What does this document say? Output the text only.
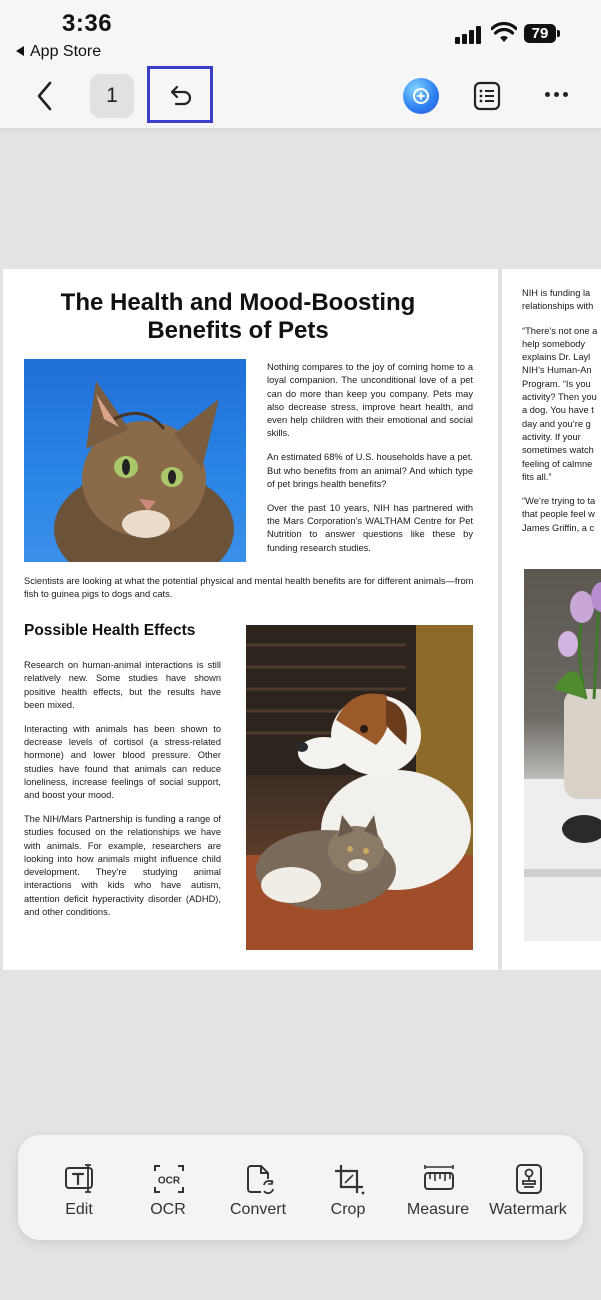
3:36
App Store
79
1
The Health and Mood-Boosting
Benefits of Pets

Nothing compares to the joy of coming home to a loyal companion. The unconditional love of a pet can do more than keep you company. Pets may also decrease stress, improve heart health, and even help children with their emotional and social skills.

An estimated 68% of U.S. households have a pet. But who benefits from an animal? And which type of pet brings health benefits?

Over the past 10 years, NIH has partnered with the Mars Corporation’s WALTHAM Centre for Pet Nutrition to answer questions like these by funding research studies.

Scientists are looking at what the potential physical and mental health benefits are for different animals—from fish to guinea pigs to dogs and cats.
Possible Health Effects

Research on human-animal interactions is still relatively new. Some studies have shown positive health effects, but the results have been mixed.

Interacting with animals has been shown to decrease levels of cortisol (a stress-related hormone) and lower blood pressure. Other studies have found that animals can reduce loneliness, increase feelings of social support, and boost your mood.

The NIH/Mars Partnership is funding a range of studies focused on the relationships we have with animals. For example, researchers are looking into how animals might influence child development. They’re studying animal interactions with kids who have autism, attention deficit hyperactivity disorder (ADHD), and other conditions.

NIH is funding la
relationships with

“There’s not one a
help somebody
explains Dr. Layl
NIH’s Human-An
Program. “Is you
activity? Then you
a dog. You have t
day and you’re g
activity. If your
sometimes watch
feeling of calmne
fits all.”

“We’re trying to ta
that people feel w
James Griffin, a c

Edit
OCR
OCR	Convert	Crop	Measure	Watermark
